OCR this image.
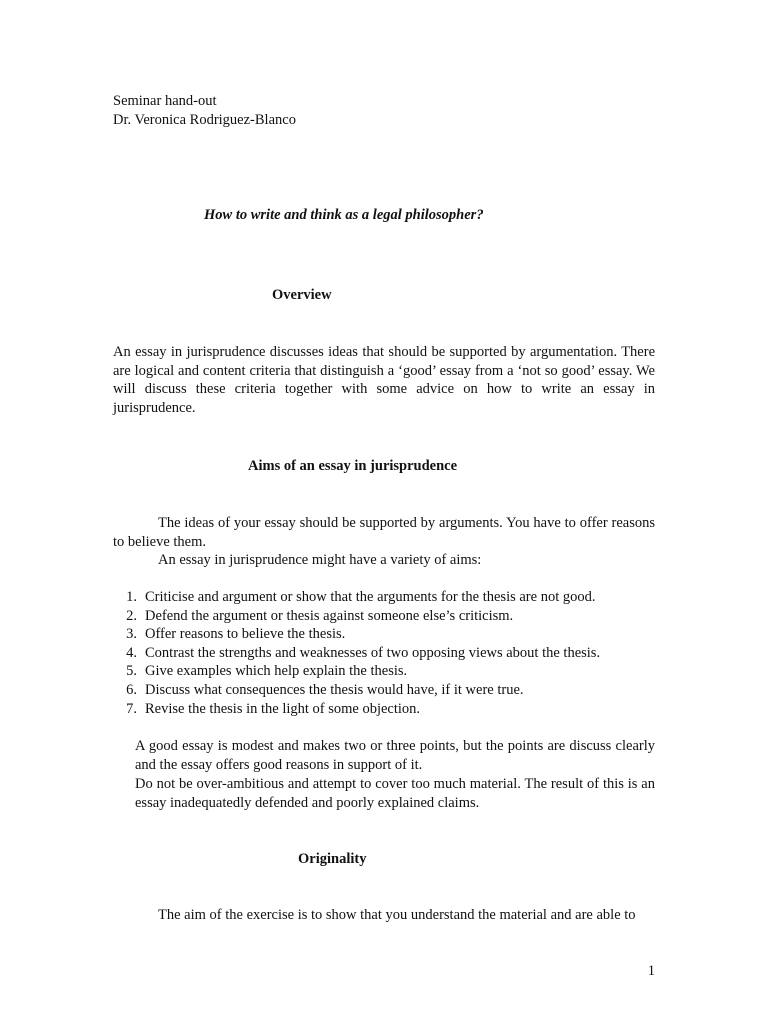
Seminar hand-out
Dr. Veronica Rodriguez-Blanco
How to write and think as a legal philosopher?
Overview
An essay in jurisprudence discusses ideas that should be supported by argumentation. There are logical and content criteria that distinguish a ‘good’ essay from a ‘not so good’ essay. We will discuss these criteria together with some advice on how to write an essay in jurisprudence.
Aims of an essay in jurisprudence
The ideas of your essay should be supported by arguments. You have to offer reasons to believe them.
An essay in jurisprudence might have a variety of aims:
1. Criticise and argument or show that the arguments for the thesis are not good.
2. Defend the argument or thesis against someone else’s criticism.
3. Offer reasons to believe the thesis.
4. Contrast the strengths and weaknesses of two opposing views about the thesis.
5. Give examples which help explain the thesis.
6. Discuss what consequences the thesis would have, if it were true.
7. Revise the thesis in the light of some objection.
A good essay is modest and makes two or three points, but the points are discuss clearly and the essay offers good reasons in support of it.
Do not be over-ambitious and attempt to cover too much material. The result of this is an essay inadequatedly defended and poorly explained claims.
Originality
The aim of the exercise is to show that you understand the material and are able to
1
